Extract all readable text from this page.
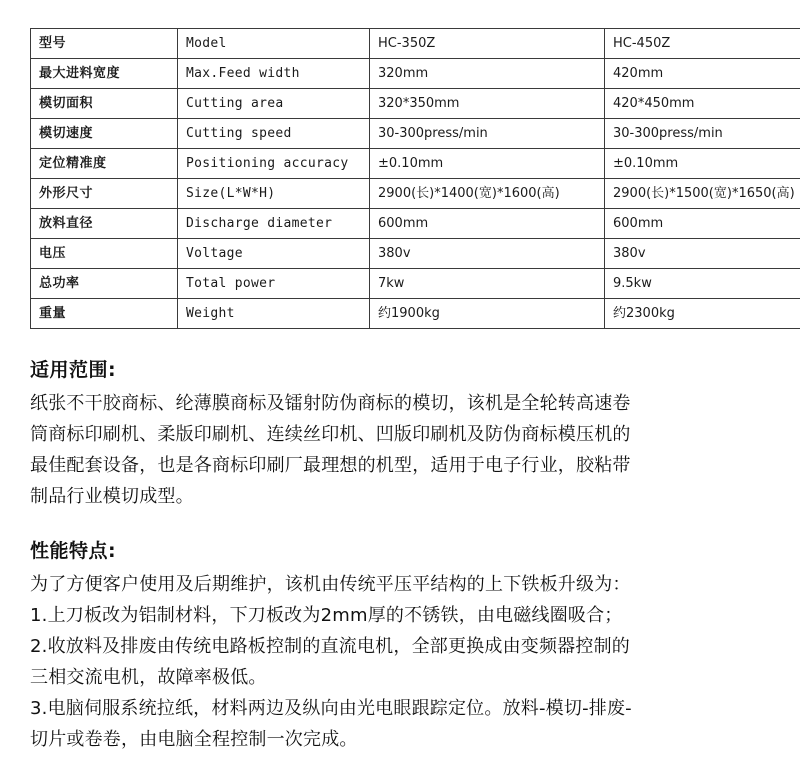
型号	Model	HC-350Z	HC-450Z
最大进料宽度	Max.Feed width	320mm	420mm
模切面积	Cutting area	320*350mm	420*450mm
模切速度	Cutting speed	30-300press/min	30-300press/min
定位精准度	Positioning accuracy	±0.10mm	±0.10mm
外形尺寸	Size(L*W*H)	2900(长)*1400(宽)*1600(高)	2900(长)*1500(宽)*1650(高)
放料直径	Discharge diameter	600mm	600mm
电压	Voltage	380v	380v
总功率	Total power	7kw	9.5kw
重量	Weight	约1900kg	约2300kg
适用范围:

纸张不干胶商标、纶薄膜商标及镭射防伪商标的模切，该机是全轮转高速卷
筒商标印刷机、柔版印刷机、连续丝印机、凹版印刷机及防伪商标模压机的
最佳配套设备，也是各商标印刷厂最理想的机型，适用于电子行业，胶粘带
制品行业模切成型。

性能特点:

为了方便客户使用及后期维护，该机由传统平压平结构的上下铁板升级为：
1.上刀板改为铝制材料，下刀板改为2mm厚的不锈铁，由电磁线圈吸合；
2.收放料及排废由传统电路板控制的直流电机，全部更换成由变频器控制的
三相交流电机，故障率极低。
3.电脑伺服系统拉纸，材料两边及纵向由光电眼跟踪定位。放料-模切-排废-
切片或卷卷，由电脑全程控制一次完成。
